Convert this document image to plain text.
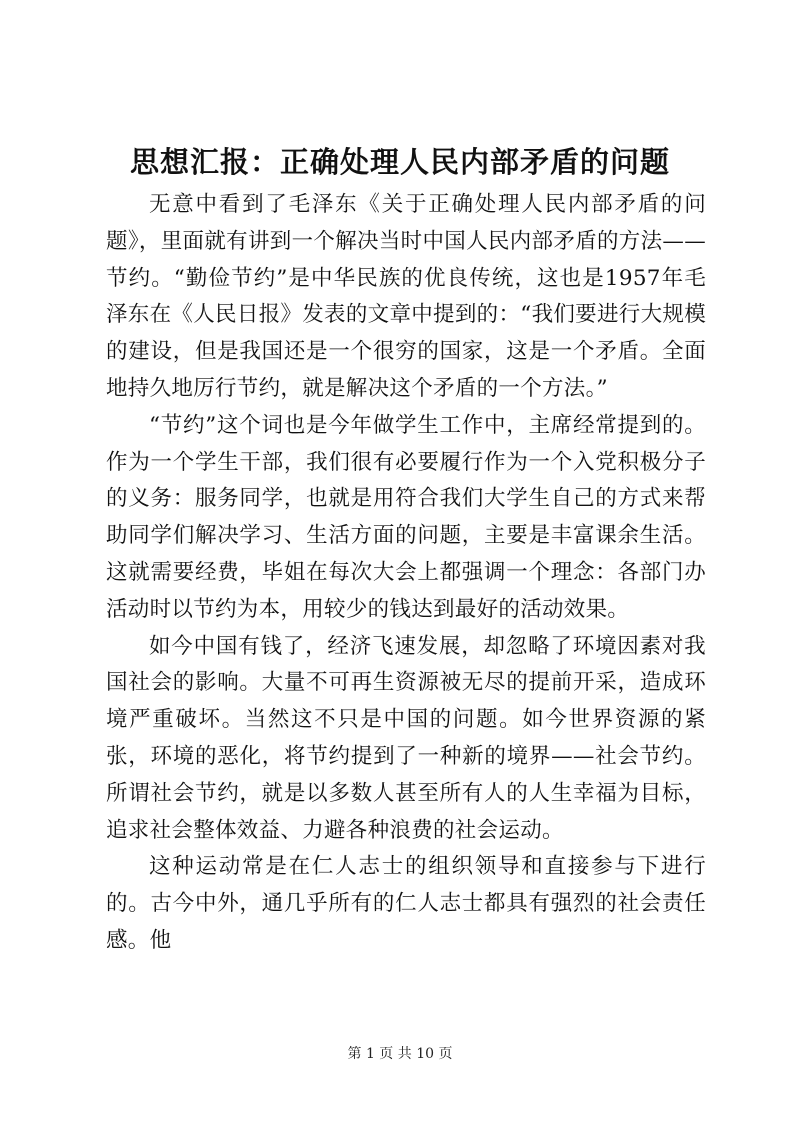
思想汇报：正确处理人民内部矛盾的问题

无意中看到了毛泽东《关于正确处理人民内部矛盾的问题》，里面就有讲到一个解决当时中国人民内部矛盾的方法——节约。“勤俭节约”是中华民族的优良传统，这也是1957年毛泽东在《人民日报》发表的文章中提到的：“我们要进行大规模的建设，但是我国还是一个很穷的国家，这是一个矛盾。全面地持久地厉行节约，就是解决这个矛盾的一个方法。”

“节约”这个词也是今年做学生工作中，主席经常提到的。作为一个学生干部，我们很有必要履行作为一个入党积极分子的义务：服务同学，也就是用符合我们大学生自己的方式来帮助同学们解决学习、生活方面的问题，主要是丰富课余生活。这就需要经费，毕姐在每次大会上都强调一个理念：各部门办活动时以节约为本，用较少的钱达到最好的活动效果。

如今中国有钱了，经济飞速发展，却忽略了环境因素对我国社会的影响。大量不可再生资源被无尽的提前开采，造成环境严重破坏。当然这不只是中国的问题。如今世界资源的紧张，环境的恶化，将节约提到了一种新的境界——社会节约。所谓社会节约，就是以多数人甚至所有人的人生幸福为目标，追求社会整体效益、力避各种浪费的社会运动。

这种运动常是在仁人志士的组织领导和直接参与下进行的。古今中外，通几乎所有的仁人志士都具有强烈的社会责任感。他

第 1 页 共 10 页
